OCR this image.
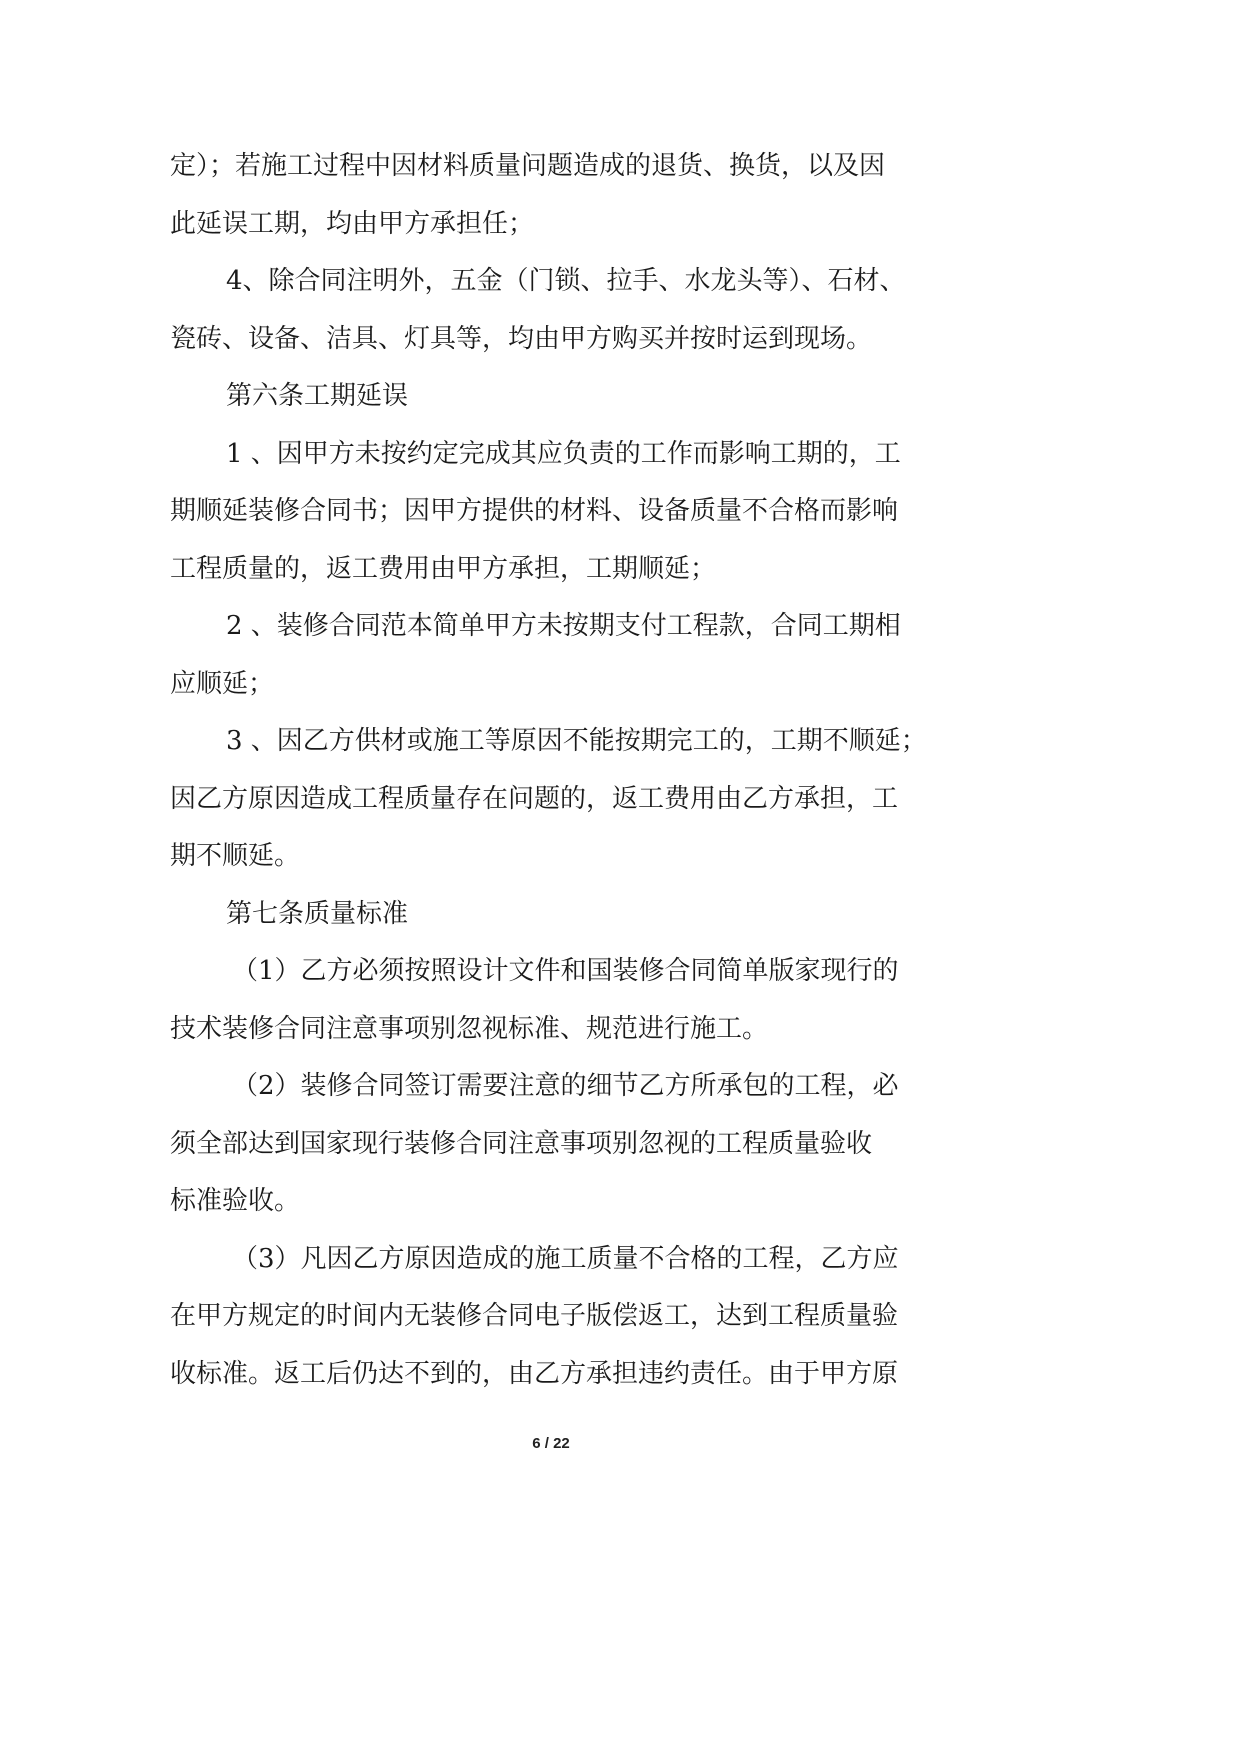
定）；若施工过程中因材料质量问题造成的退货、换货，以及因
此延误工期，均由甲方承担任；
4、除合同注明外，五金（门锁、拉手、水龙头等）、石材、
瓷砖、设备、洁具、灯具等，均由甲方购买并按时运到现场。
第六条工期延误
1 、因甲方未按约定完成其应负责的工作而影响工期的，工
期顺延装修合同书；因甲方提供的材料、设备质量不合格而影响
工程质量的，返工费用由甲方承担，工期顺延；
2 、装修合同范本简单甲方未按期支付工程款，合同工期相
应顺延；
3 、因乙方供材或施工等原因不能按期完工的，工期不顺延；
因乙方原因造成工程质量存在问题的，返工费用由乙方承担，工
期不顺延。
第七条质量标准
（1）乙方必须按照设计文件和国装修合同简单版家现行的
技术装修合同注意事项别忽视标准、规范进行施工。
（2）装修合同签订需要注意的细节乙方所承包的工程，必
须全部达到国家现行装修合同注意事项别忽视的工程质量验收
标准验收。
（3）凡因乙方原因造成的施工质量不合格的工程，乙方应
在甲方规定的时间内无装修合同电子版偿返工，达到工程质量验
收标准。返工后仍达不到的，由乙方承担违约责任。由于甲方原
6 / 22
